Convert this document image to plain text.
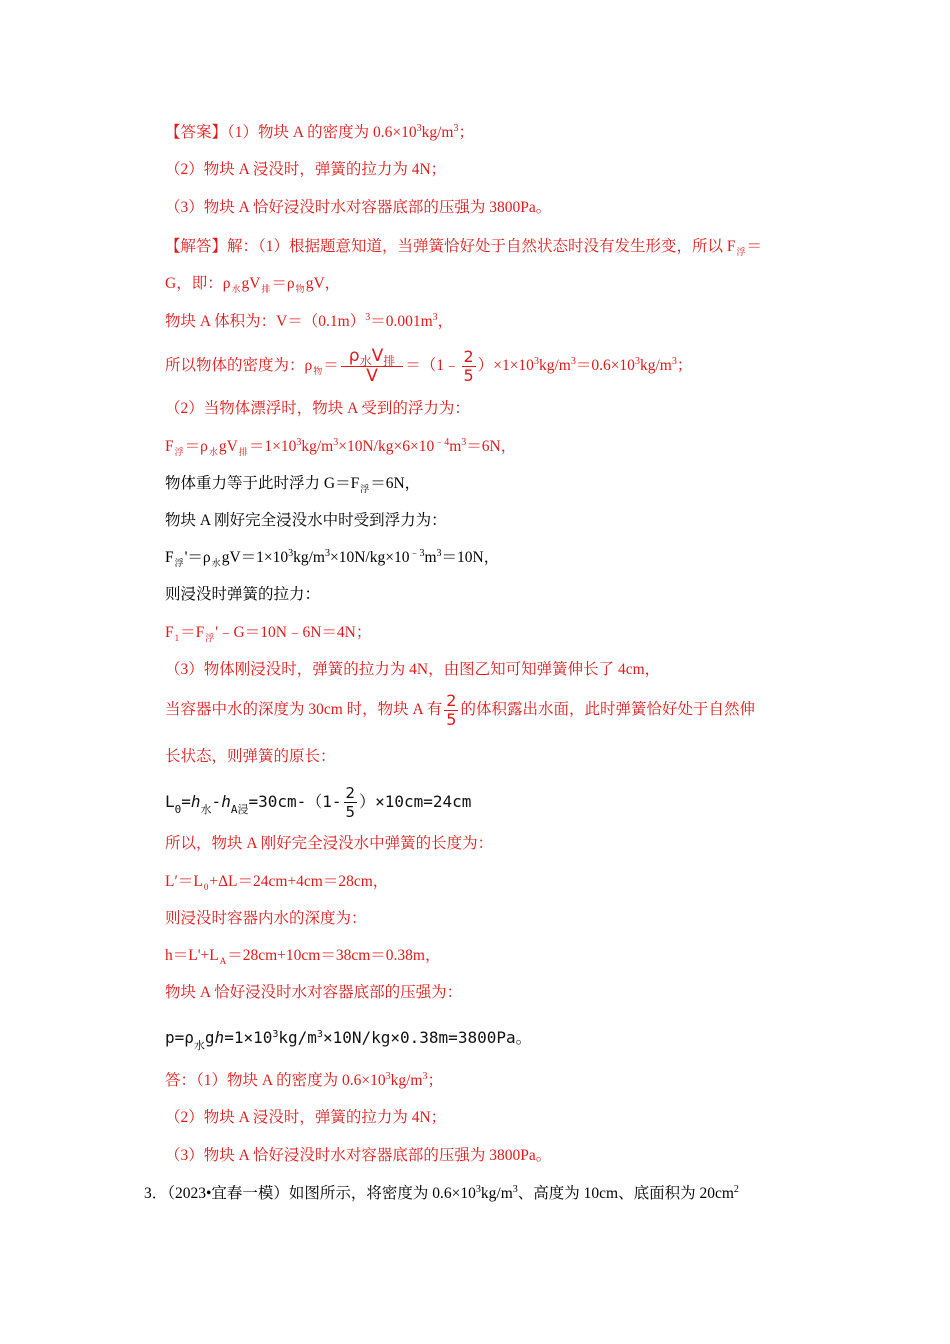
【答案】（1）物块 A 的密度为 $0.6\times 10^3kg/m^3$；
（2）物块 A 浸没时，弹簧的拉力为 4N；
（3）物块 A 恰好浸没时水对容器底部的压强为 3800Pa。
【解答】解：（1）根据题意知道，当弹簧恰好处于自然状态时没有发生形变，所以 $F_浮=$
G，即：$\rho_水gV_排=\rho_物gV$，
物块 A 体积为：$V=(0.1m)^3=0.001m^3$，
所以物体的密度为：$\rho_物= \frac{\rho_水V_排}{V}$ ＝（1﹣ $\frac{2}{5} )\times 1\times 10^3kg/m^3=0.6\times 10^3kg/m^3$；
（2）当物体漂浮时，物块 A 受到的浮力为：
$F_浮=\rho_水gV_排=1\times 10^3kg/m^3\times 10N/kg\times 6\times 10^{﹣4}m^3=6N$，
物体重力等于此时浮力 $G=F_浮=6N$，
物块 A 刚好完全浸没水中时受到浮力为：
$F_浮'=\rho_水gV=1\times 10^3kg/m^3\times 10N/kg\times 10^{﹣3}m^3=10N$，
则浸没时弹簧的拉力：
$F_1=F_浮'﹣G=10N﹣6N=4N$；
（3）物体刚浸没时，弹簧的拉力为 4N，由图乙知可知弹簧伸长了 4cm，
当容器中水的深度为 30cm 时，物块 A 有 $\frac{2}{5}$ 的体积露出水面，此时弹簧恰好处于自然伸
长状态，则弹簧的原长：
$L_0=h_水-h_{A浸}=30cm-(1- \frac{2}{5} )\times 10cm=24cm$
所以，物块 A 刚好完全浸没水中弹簧的长度为：
$L'=L_0+\Delta L=24cm+4cm=28cm$，
则浸没时容器内水的深度为：
$h=L'+L_A=28cm+10cm=38cm=0.38m$，
物块 A 恰好浸没时水对容器底部的压强为：
$p=\rho_水gh=1\times 10^3kg/m^3\times 10N/kg\times 0.38m=3800Pa$。
答：（1）物块 A 的密度为 $0.6\times 10^3kg/m^3$；
（2）物块 A 浸没时，弹簧的拉力为 4N；
（3）物块 A 恰好浸没时水对容器底部的压强为 3800Pa。
3．（2023•宜春一模）如图所示，将密度为 $0.6\times 10^3kg/m^3$、高度为 10cm、底面积为 $20cm^2$
